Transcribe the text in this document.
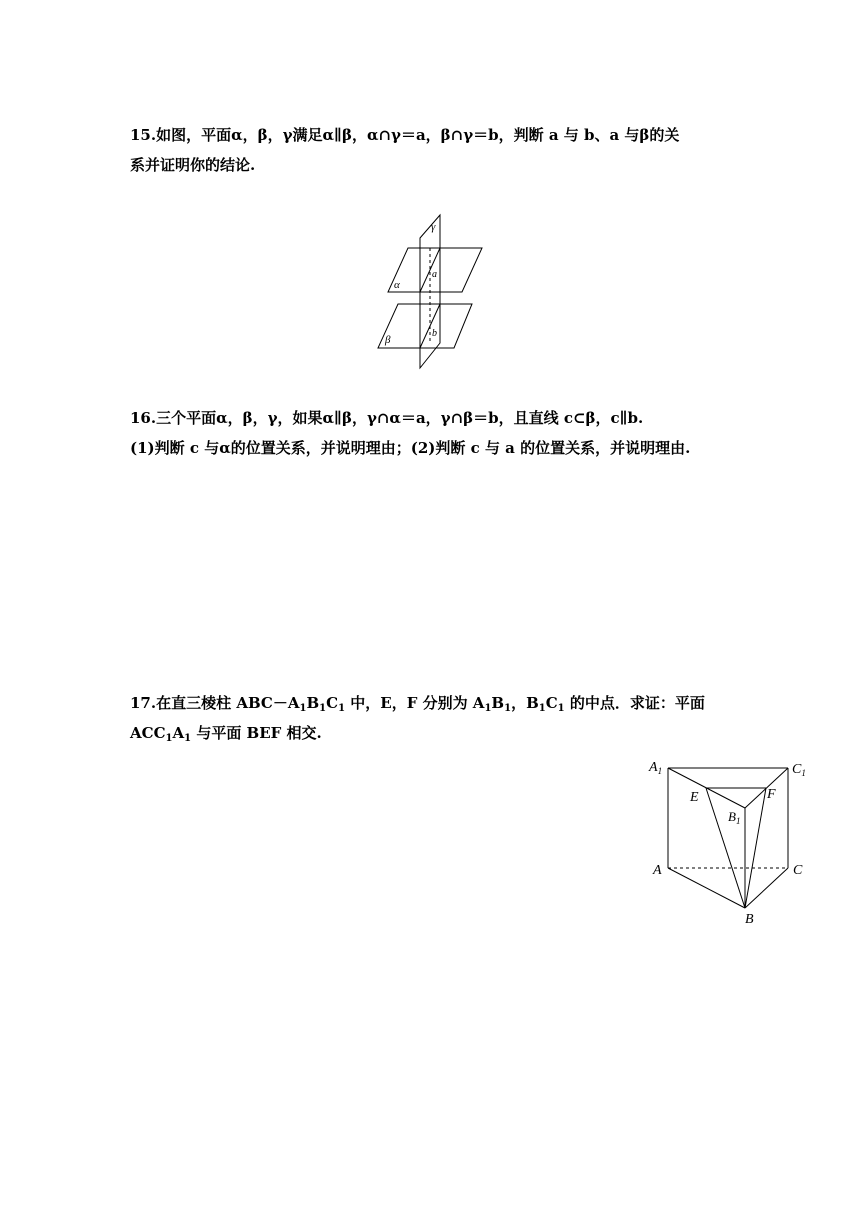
15.如图，平面α，β，γ满足α∥β，α∩γ＝a，β∩γ＝b，判断 a 与 b、a 与β的关
系并证明你的结论.
γ
α
a
β
b
16.三个平面α，β，γ，如果α∥β，γ∩α＝a，γ∩β＝b，且直线 c⊂β，c∥b.
(1)判断 c 与α的位置关系，并说明理由；(2)判断 c 与 a 的位置关系，并说明理由.
17.在直三棱柱 $ABC-A_1B_1C_1$ 中，E，F 分别为 $A_1B_1$，$B_1C_1$ 的中点．求证：平面
$ACC_1A_1$ 与平面 BEF 相交.
$A_1$	$C_1$
E	F
$B_1$
A	C
B
